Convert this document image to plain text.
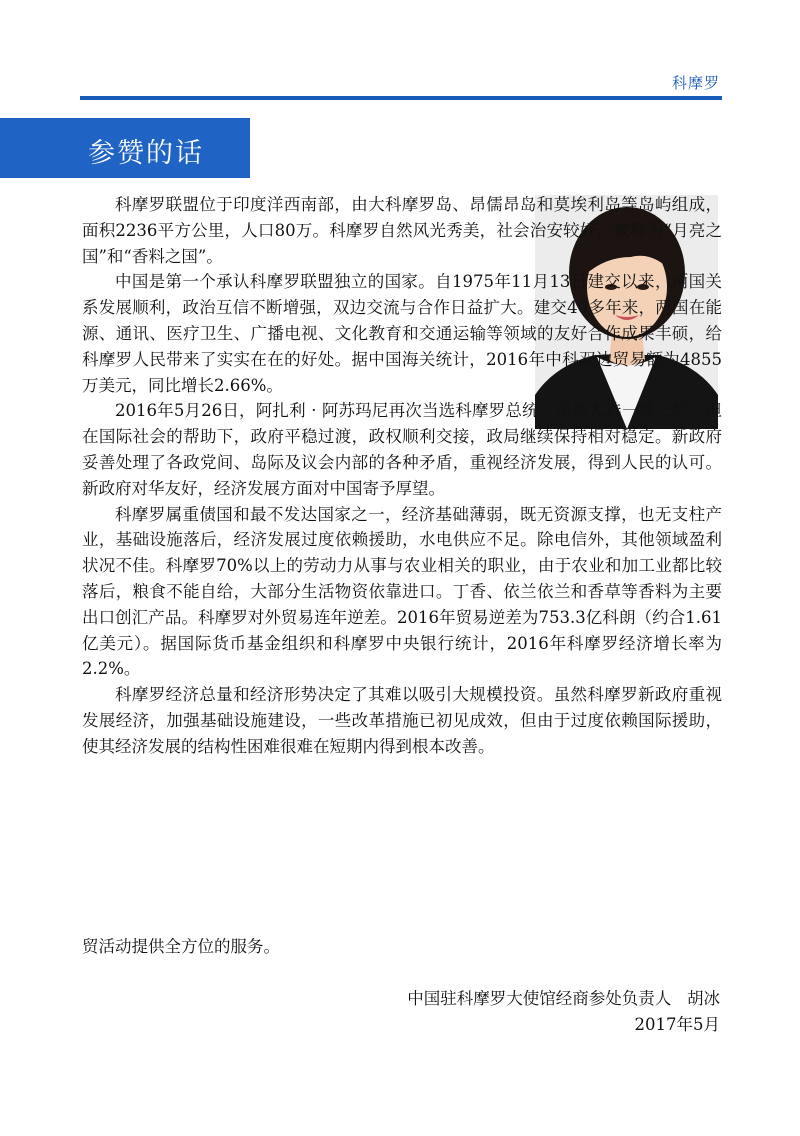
科摩罗
参赞的话

科摩罗联盟位于印度洋西南部，由大科摩罗岛、昂儒昂岛和莫埃利岛等岛屿组成，面积2236平方公里，人口80万。科摩罗自然风光秀美，社会治安较好，被称为“月亮之国”和“香料之国”。

中国是第一个承认科摩罗联盟独立的国家。自1975年11月13日建交以来，两国关系发展顺利，政治互信不断增强，双边交流与合作日益扩大。建交40多年来，两国在能源、通讯、医疗卫生、广播电视、文化教育和交通运输等领域的友好合作成果丰硕，给科摩罗人民带来了实实在在的好处。据中国海关统计，2016年中科双边贸易额为4855万美元，同比增长2.66%。

2016年5月26日，阿扎利 · 阿苏玛尼再次当选科摩罗总统。虽然大选一波三折，但在国际社会的帮助下，政府平稳过渡，政权顺利交接，政局继续保持相对稳定。新政府妥善处理了各政党间、岛际及议会内部的各种矛盾，重视经济发展，得到人民的认可。新政府对华友好，经济发展方面对中国寄予厚望。

科摩罗属重债国和最不发达国家之一，经济基础薄弱，既无资源支撑，也无支柱产业，基础设施落后，经济发展过度依赖援助，水电供应不足。除电信外，其他领域盈利状况不佳。科摩罗70%以上的劳动力从事与农业相关的职业，由于农业和加工业都比较落后，粮食不能自给，大部分生活物资依靠进口。丁香、依兰依兰和香草等香料为主要出口创汇产品。科摩罗对外贸易连年逆差。2016年贸易逆差为753.3亿科朗（约合1.61亿美元）。据国际货币基金组织和科摩罗中央银行统计，2016年科摩罗经济增长率为2.2%。

科摩罗经济总量和经济形势决定了其难以吸引大规模投资。虽然科摩罗新政府重视发展经济，加强基础设施建设，一些改革措施已初见成效，但由于过度依赖国际援助，使其经济发展的结构性困难很难在短期内得到根本改善。

贸活动提供全方位的服务。
中国驻科摩罗大使馆经商参处负责人   胡冰
2017年5月
